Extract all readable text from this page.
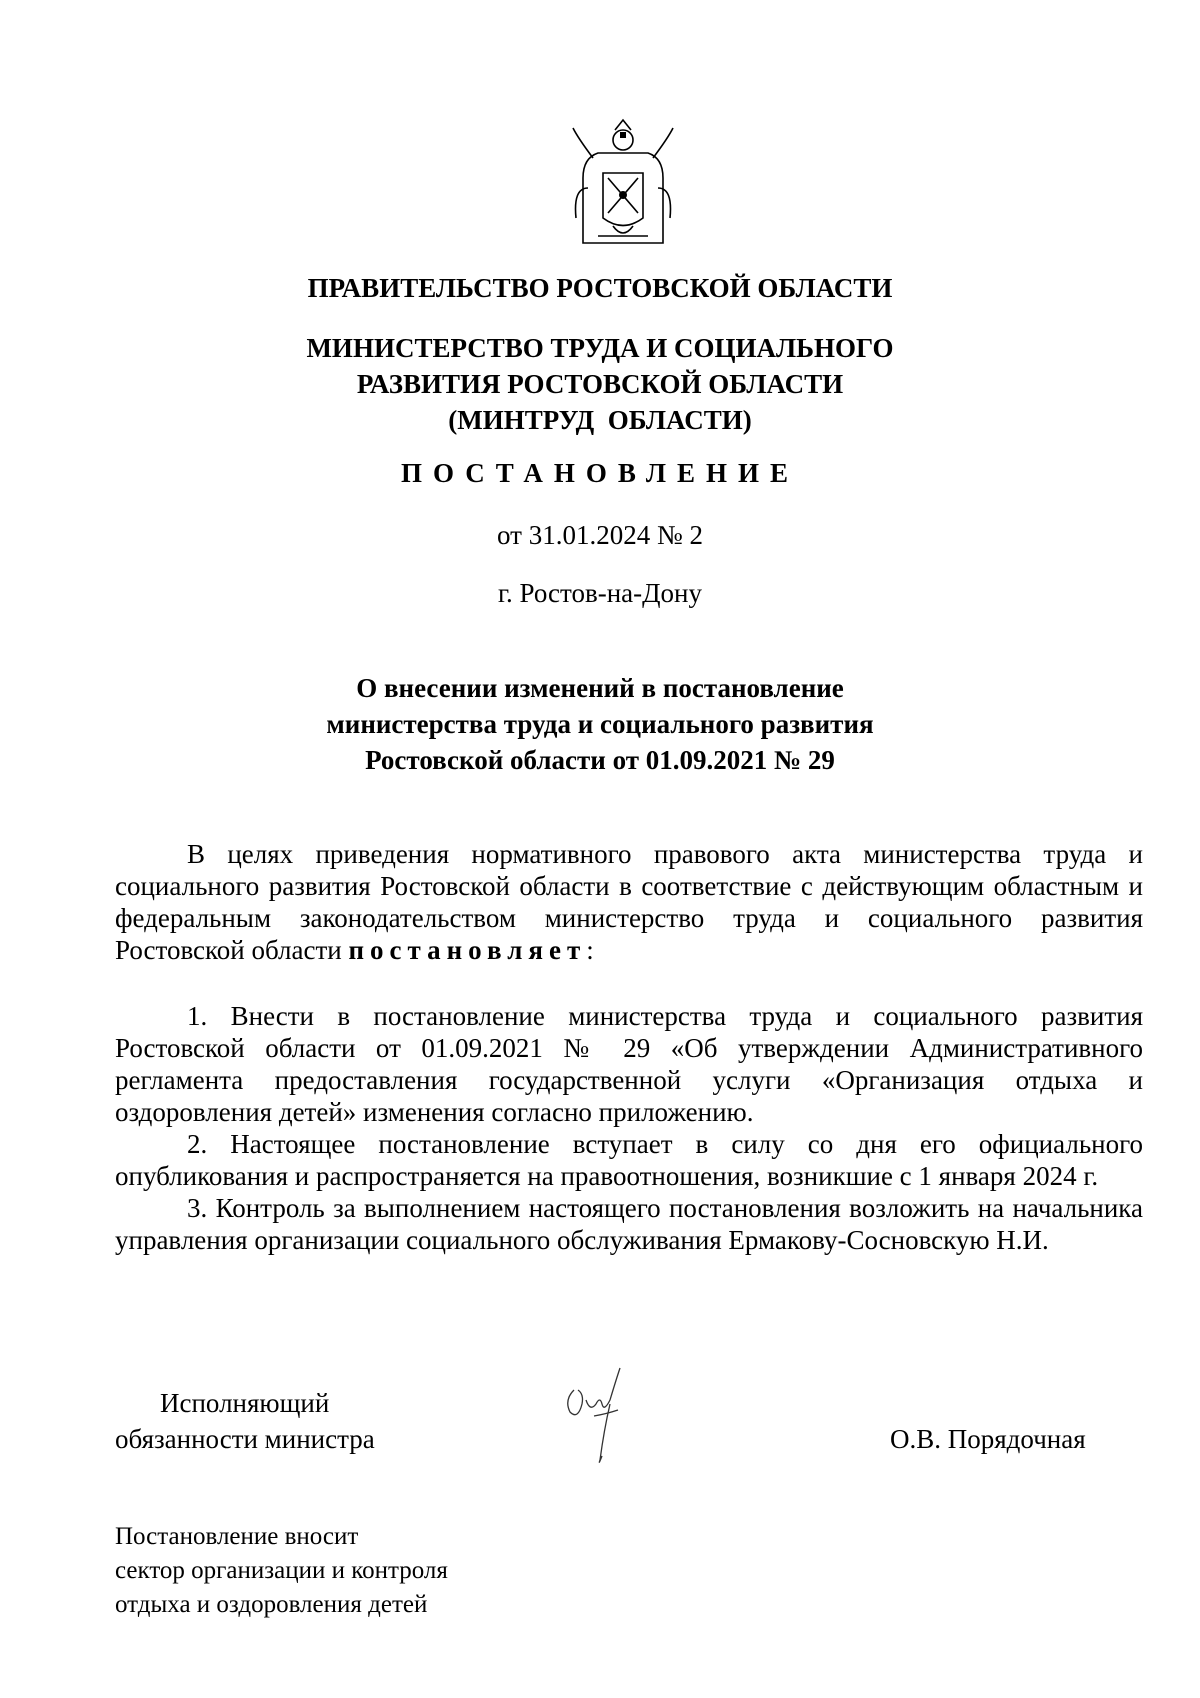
ПРАВИТЕЛЬСТВО РОСТОВСКОЙ ОБЛАСТИ
МИНИСТЕРСТВО ТРУДА И СОЦИАЛЬНОГО
РАЗВИТИЯ РОСТОВСКОЙ ОБЛАСТИ
(МИНТРУД  ОБЛАСТИ)
ПОСТАНОВЛЕНИЕ
от 31.01.2024 № 2
г. Ростов-на-Дону
О внесении изменений в постановление
министерства труда и социального развития
Ростовской области от 01.09.2021 № 29
В целях приведения нормативного правового акта министерства труда и социального развития Ростовской области в соответствие с действующим областным и федеральным законодательством министерство труда и социального развития Ростовской области постановляет:

1. Внести в постановление министерства труда и социального развития Ростовской области от 01.09.2021 № 29 «Об утверждении Административного регламента предоставления государственной услуги «Организация отдыха и оздоровления детей» изменения согласно приложению.

2. Настоящее постановление вступает в силу со дня его официального опубликования и распространяется на правоотношения, возникшие с 1 января 2024 г.

3. Контроль за выполнением настоящего постановления возложить на начальника управления организации социального обслуживания Ермакову-Сосновскую Н.И.

Исполняющий
обязанности министра	О.В. Порядочная
Постановление вносит
сектор организации и контроля
отдыха и оздоровления детей
